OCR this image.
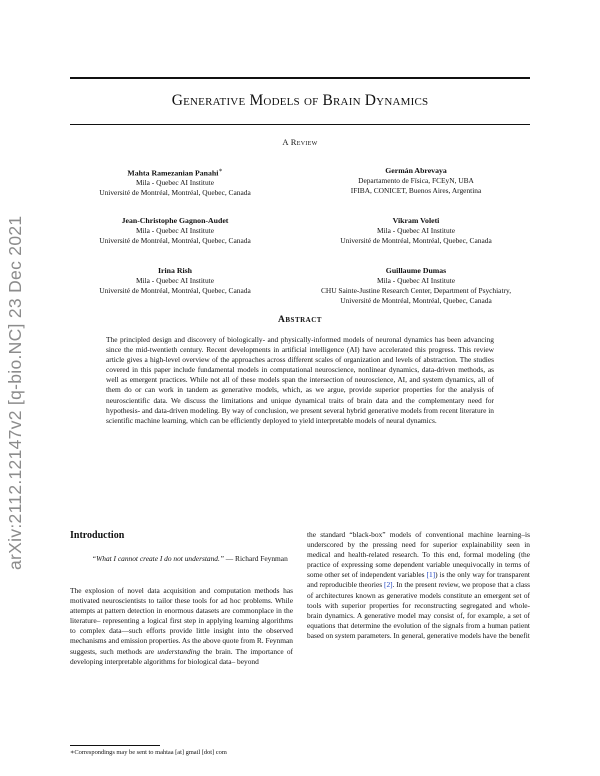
Generative Models of Brain Dynamics
A Review
arXiv:2112.12147v2 [q-bio.NC] 23 Dec 2021
Mahta Ramezanian Panahi∗
Mila - Quebec AI Institute
Université de Montréal, Montréal, Quebec, Canada
Germán Abrevaya
Departamento de Física, FCEyN, UBA
IFIBA, CONICET, Buenos Aires, Argentina
Jean-Christophe Gagnon-Audet
Mila - Quebec AI Institute
Université de Montréal, Montréal, Quebec, Canada
Vikram Voleti
Mila - Quebec AI Institute
Université de Montréal, Montréal, Quebec, Canada
Irina Rish
Mila - Quebec AI Institute
Université de Montréal, Montréal, Quebec, Canada
Guillaume Dumas
Mila - Quebec AI Institute
CHU Sainte-Justine Research Center, Department of Psychiatry,
Université de Montréal, Montréal, Quebec, Canada
Abstract
The principled design and discovery of biologically- and physically-informed models of neuronal dynamics has been advancing since the mid-twentieth century. Recent developments in artificial intelligence (AI) have accelerated this progress. This review article gives a high-level overview of the approaches across different scales of organization and levels of abstraction. The studies covered in this paper include fundamental models in computational neuroscience, nonlinear dynamics, data-driven methods, as well as emergent practices. While not all of these models span the intersection of neuroscience, AI, and system dynamics, all of them do or can work in tandem as generative models, which, as we argue, provide superior properties for the analysis of neuroscientific data. We discuss the limitations and unique dynamical traits of brain data and the complementary need for hypothesis- and data-driven modeling. By way of conclusion, we present several hybrid generative models from recent literature in scientific machine learning, which can be efficiently deployed to yield interpretable models of neural dynamics.
Introduction
“What I cannot create I do not understand.” — Richard Feynman
The explosion of novel data acquisition and computation methods has motivated neuroscientists to tailor these tools for ad hoc problems. While attempts at pattern detection in enormous datasets are commonplace in the literature– representing a logical first step in applying learning algorithms to complex data—such efforts provide little insight into the observed mechanisms and emission properties. As the above quote from R. Feynman suggests, such methods are understanding the brain. The importance of developing interpretable algorithms for biological data– beyond
the standard “black-box” models of conventional machine learning–is underscored by the pressing need for superior explainability seen in medical and health-related research. To this end, formal modeling (the practice of expressing some dependent variable unequivocally in terms of some other set of independent variables [1]) is the only way for transparent and reproducible theories [2]. In the present review, we propose that a class of architectures known as generative models constitute an emergent set of tools with superior properties for reconstructing segregated and whole-brain dynamics. A generative model may consist of, for example, a set of equations that determine the evolution of the signals from a human patient based on system parameters. In general, generative models have the benefit
∗Correspondings may be sent to mahtaa [at] gmail [dot] com
